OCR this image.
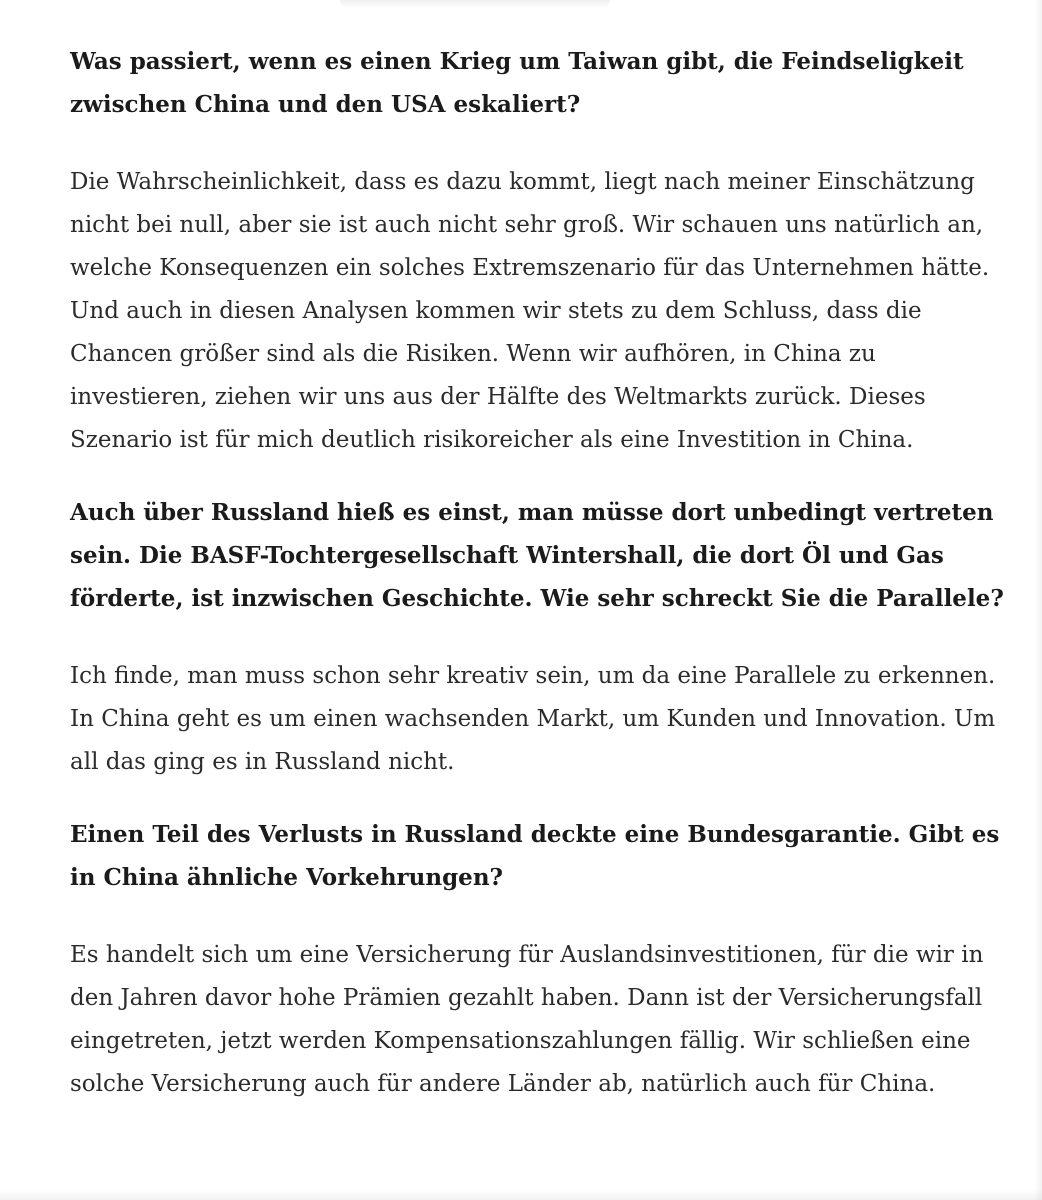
Was passiert, wenn es einen Krieg um Taiwan gibt, die Feindseligkeit zwischen China und den USA eskaliert?

Die Wahrscheinlichkeit, dass es dazu kommt, liegt nach meiner Einschätzung nicht bei null, aber sie ist auch nicht sehr groß. Wir schauen uns natürlich an, welche Konsequenzen ein solches Extremszenario für das Unternehmen hätte. Und auch in diesen Analysen kommen wir stets zu dem Schluss, dass die Chancen größer sind als die Risiken. Wenn wir aufhören, in China zu investieren, ziehen wir uns aus der Hälfte des Weltmarkts zurück. Dieses Szenario ist für mich deutlich risikoreicher als eine Investition in China.

Auch über Russland hieß es einst, man müsse dort unbedingt vertreten sein. Die BASF-Tochtergesellschaft Wintershall, die dort Öl und Gas förderte, ist inzwischen Geschichte. Wie sehr schreckt Sie die Parallele?

Ich finde, man muss schon sehr kreativ sein, um da eine Parallele zu erkennen. In China geht es um einen wachsenden Markt, um Kunden und Innovation. Um all das ging es in Russland nicht.

Einen Teil des Verlusts in Russland deckte eine Bundesgarantie. Gibt es in China ähnliche Vorkehrungen?

Es handelt sich um eine Versicherung für Auslandsinvestitionen, für die wir in den Jahren davor hohe Prämien gezahlt haben. Dann ist der Versicherungsfall eingetreten, jetzt werden Kompensationszahlungen fällig. Wir schließen eine solche Versicherung auch für andere Länder ab, natürlich auch für China.
